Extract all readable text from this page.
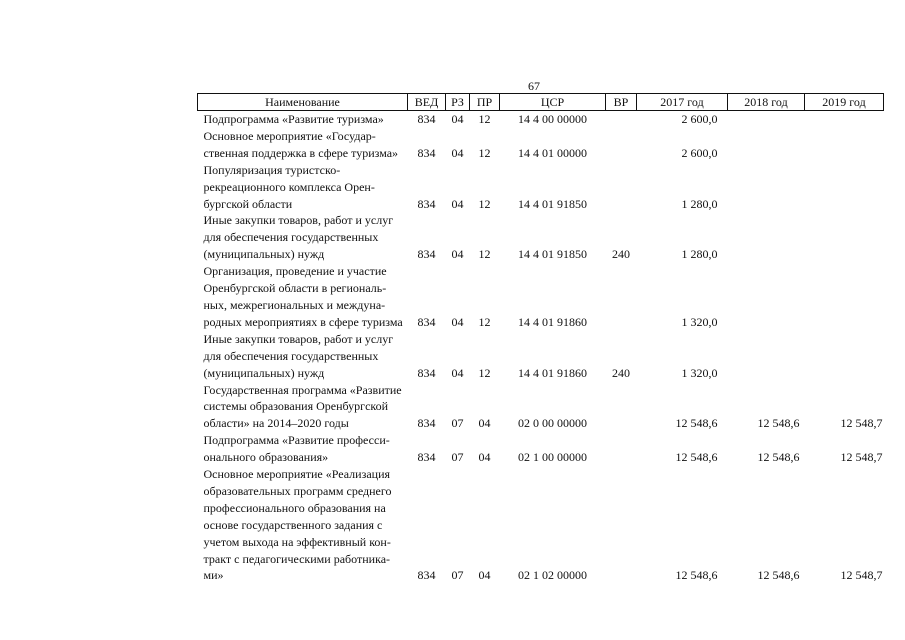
67
Наименование	ВЕД	РЗ	ПР	ЦСР	ВР	2017 год	2018 год	2019 год
Подпрограмма «Развитие туризма»	834	04	12	14 4 00 00000		2 600,0		
Основное мероприятие «Государственная поддержка в сфере туризма»	834	04	12	14 4 01 00000		2 600,0		
Популяризация туристско-рекреационного комплекса Оренбургской области	834	04	12	14 4 01 91850		1 280,0		
Иные закупки товаров, работ и услуг для обеспечения государственных (муниципальных) нужд	834	04	12	14 4 01 91850	240	1 280,0		
Организация, проведение и участие Оренбургской области в региональных, межрегиональных и международных мероприятиях в сфере туризма	834	04	12	14 4 01 91860		1 320,0		
Иные закупки товаров, работ и услуг для обеспечения государственных (муниципальных) нужд	834	04	12	14 4 01 91860	240	1 320,0		
Государственная программа «Развитие системы образования Оренбургской области» на 2014–2020 годы	834	07	04	02 0 00 00000		12 548,6	12 548,6	12 548,7
Подпрограмма «Развитие профессионального образования»	834	07	04	02 1 00 00000		12 548,6	12 548,6	12 548,7
Основное мероприятие «Реализация образовательных программ среднего профессионального образования на основе государственного задания с учетом выхода на эффективный контракт с педагогическими работниками»	834	07	04	02 1 02 00000		12 548,6	12 548,6	12 548,7
